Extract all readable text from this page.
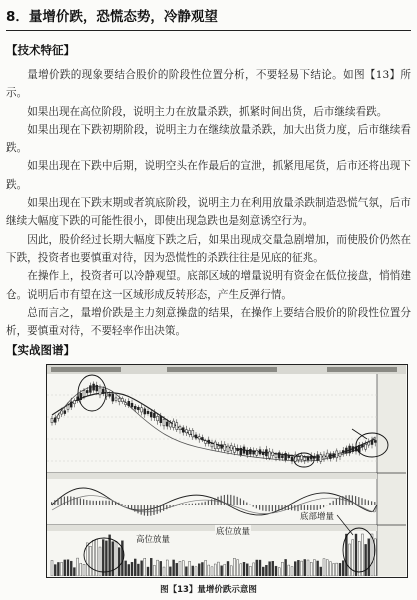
8．量增价跌，恐慌态势，冷静观望
【技术特征】

量增价跌的现象要结合股价的阶段性位置分析，不要轻易下结论。如图【13】所示。

如果出现在高位阶段，说明主力在放量杀跌，抓紧时间出货，后市继续看跌。

如果出现在下跌初期阶段，说明主力在继续放量杀跌，加大出货力度，后市继续看跌。

如果出现在下跌中后期，说明空头在作最后的宣泄，抓紧甩尾货，后市还将出现下跌。

如果出现在下跌末期或者筑底阶段，说明主力在利用放量杀跌制造恐慌气氛，后市继续大幅度下跌的可能性很小，即使出现急跌也是刻意诱空行为。

因此，股价经过长期大幅度下跌之后，如果出现成交量急剧增加，而使股价仍然在下跌，投资者也要慎重对待，因为恐慌性的杀跌往往是见底的征兆。

在操作上，投资者可以冷静观望。底部区域的增量说明有资金在低位接盘，悄悄建仓。说明后市有望在这一区域形成反转形态，产生反弹行情。

总而言之，量增价跌是主力刻意操盘的结果，在操作上要结合股价的阶段性位置分析，要慎重对待，不要轻率作出决策。

【实战图谱】
底部增量
高位放量
底位放量
图【13】量增价跌示意图
